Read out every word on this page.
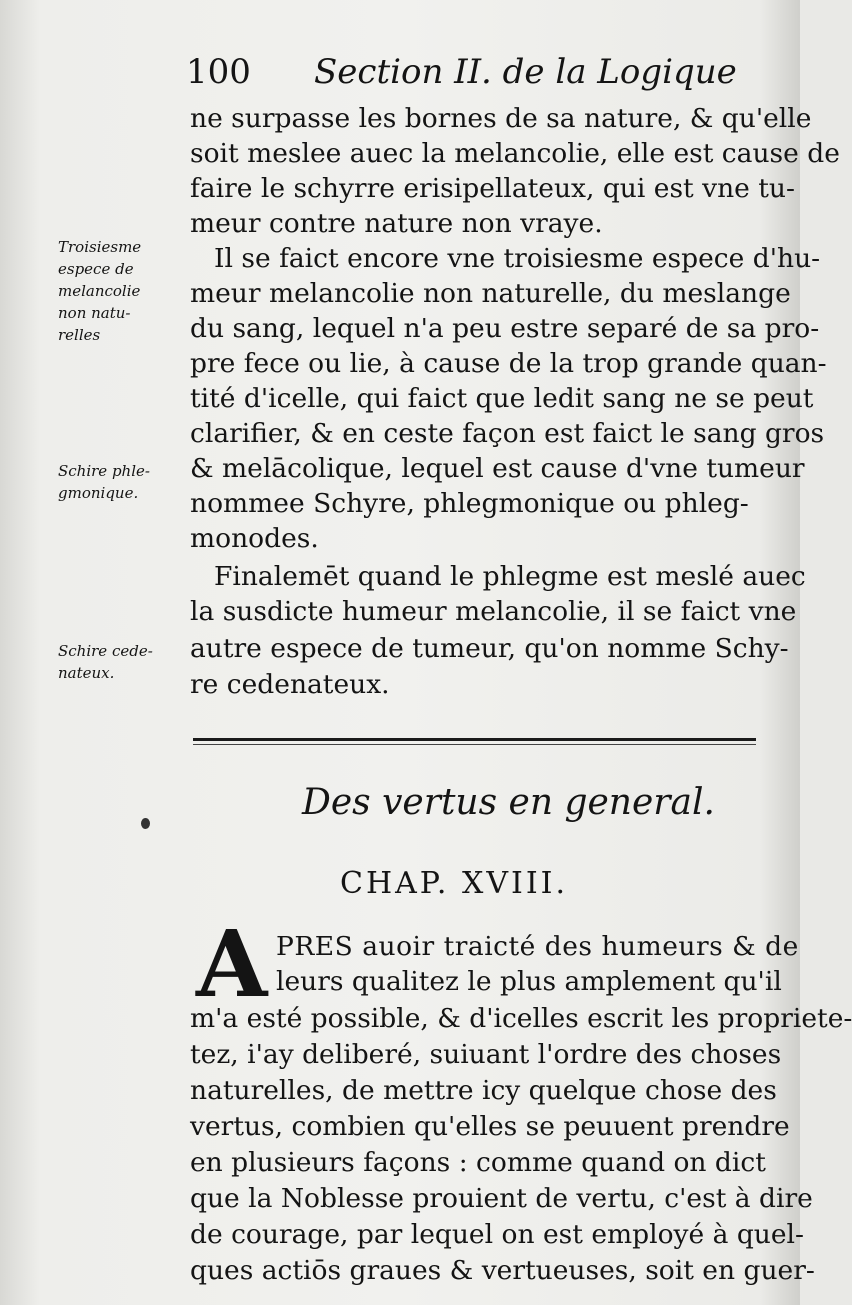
100 Section II. de la Logique
ne surpasse les bornes de sa nature, & qu'elle
soit meslee auec la melancolie, elle est cause de
faire le schyrre erisipellateux, qui est vne tu-
meur contre nature non vraye.
Il se faict encore vne troisiesme espece d'hu-
meur melancolie non naturelle, du meslange
du sang, lequel n'a peu estre separé de sa pro-
pre fece ou lie, à cause de la trop grande quan-
tité d'icelle, qui faict que ledit sang ne se peut
clarifier, & en ceste façon est faict le sang gros
& melācolique, lequel est cause d'vne tumeur
nommee Schyre, phlegmonique ou phleg-
monodes.
Finalemēt quand le phlegme est meslé auec
la susdicte humeur melancolie, il se faict vne
autre espece de tumeur, qu'on nomme Schy-
re cedenateux.
Troisiesme
espece de
melancolie
non natu-
relles
Schire phle-
gmonique.
Schire cede-
nateux.
Des vertus en general.
CHAP. XVIII.
A PRES auoir traicté des humeurs & de
leurs qualitez le plus amplement qu'il
m'a esté possible, & d'icelles escrit les propriete-
tez, i'ay deliberé, suiuant l'ordre des choses
naturelles, de mettre icy quelque chose des
vertus, combien qu'elles se peuuent prendre
en plusieurs façons : comme quand on dict
que la Noblesse prouient de vertu, c'est à dire
de courage, par lequel on est employé à quel-
ques actiōs graues & vertueuses, soit en guer-
